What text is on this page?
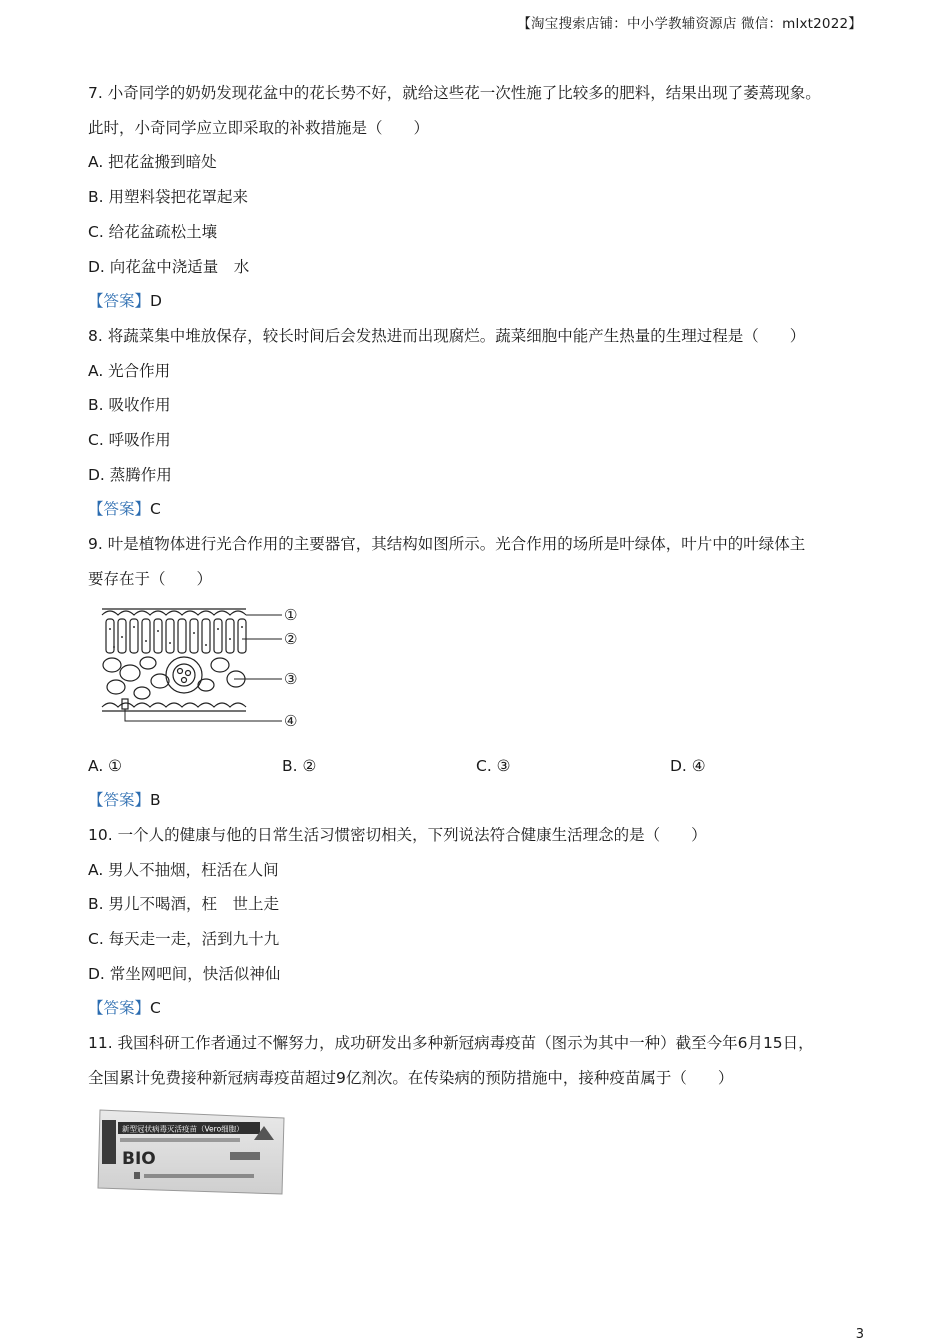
【淘宝搜索店铺：中小学教辅资源店 微信：mlxt2022】
7. 小奇同学的奶奶发现花盆中的花长势不好，就给这些花一次性施了比较多的肥料，结果出现了萎蔫现象。
此时，小奇同学应立即采取的补救措施是（　　）
A. 把花盆搬到暗处
B. 用塑料袋把花罩起来
C. 给花盆疏松土壤
D. 向花盆中浇适量　水
【答案】D
8. 将蔬菜集中堆放保存，较长时间后会发热进而出现腐烂。蔬菜细胞中能产生热量的生理过程是（　　）
A. 光合作用
B. 吸收作用
C. 呼吸作用
D. 蒸腾作用
【答案】C
9. 叶是植物体进行光合作用的主要器官，其结构如图所示。光合作用的场所是叶绿体，叶片中的叶绿体主
要存在于（　　）
①
②
③
④
A. ①	B. ②	C. ③	D. ④
【答案】B
10. 一个人的健康与他的日常生活习惯密切相关，下列说法符合健康生活理念的是（　　）
A. 男人不抽烟，枉活在人间
B. 男儿不喝酒，枉　世上走
C. 每天走一走，活到九十九
D. 常坐网吧间，快活似神仙
【答案】C
11. 我国科研工作者通过不懈努力，成功研发出多种新冠病毒疫苗（图示为其中一种）截至今年6月15日，
全国累计免费接种新冠病毒疫苗超过9亿剂次。在传染病的预防措施中，接种疫苗属于（　　）
新型冠状病毒灭活疫苗（Vero细胞）
BIO
3
